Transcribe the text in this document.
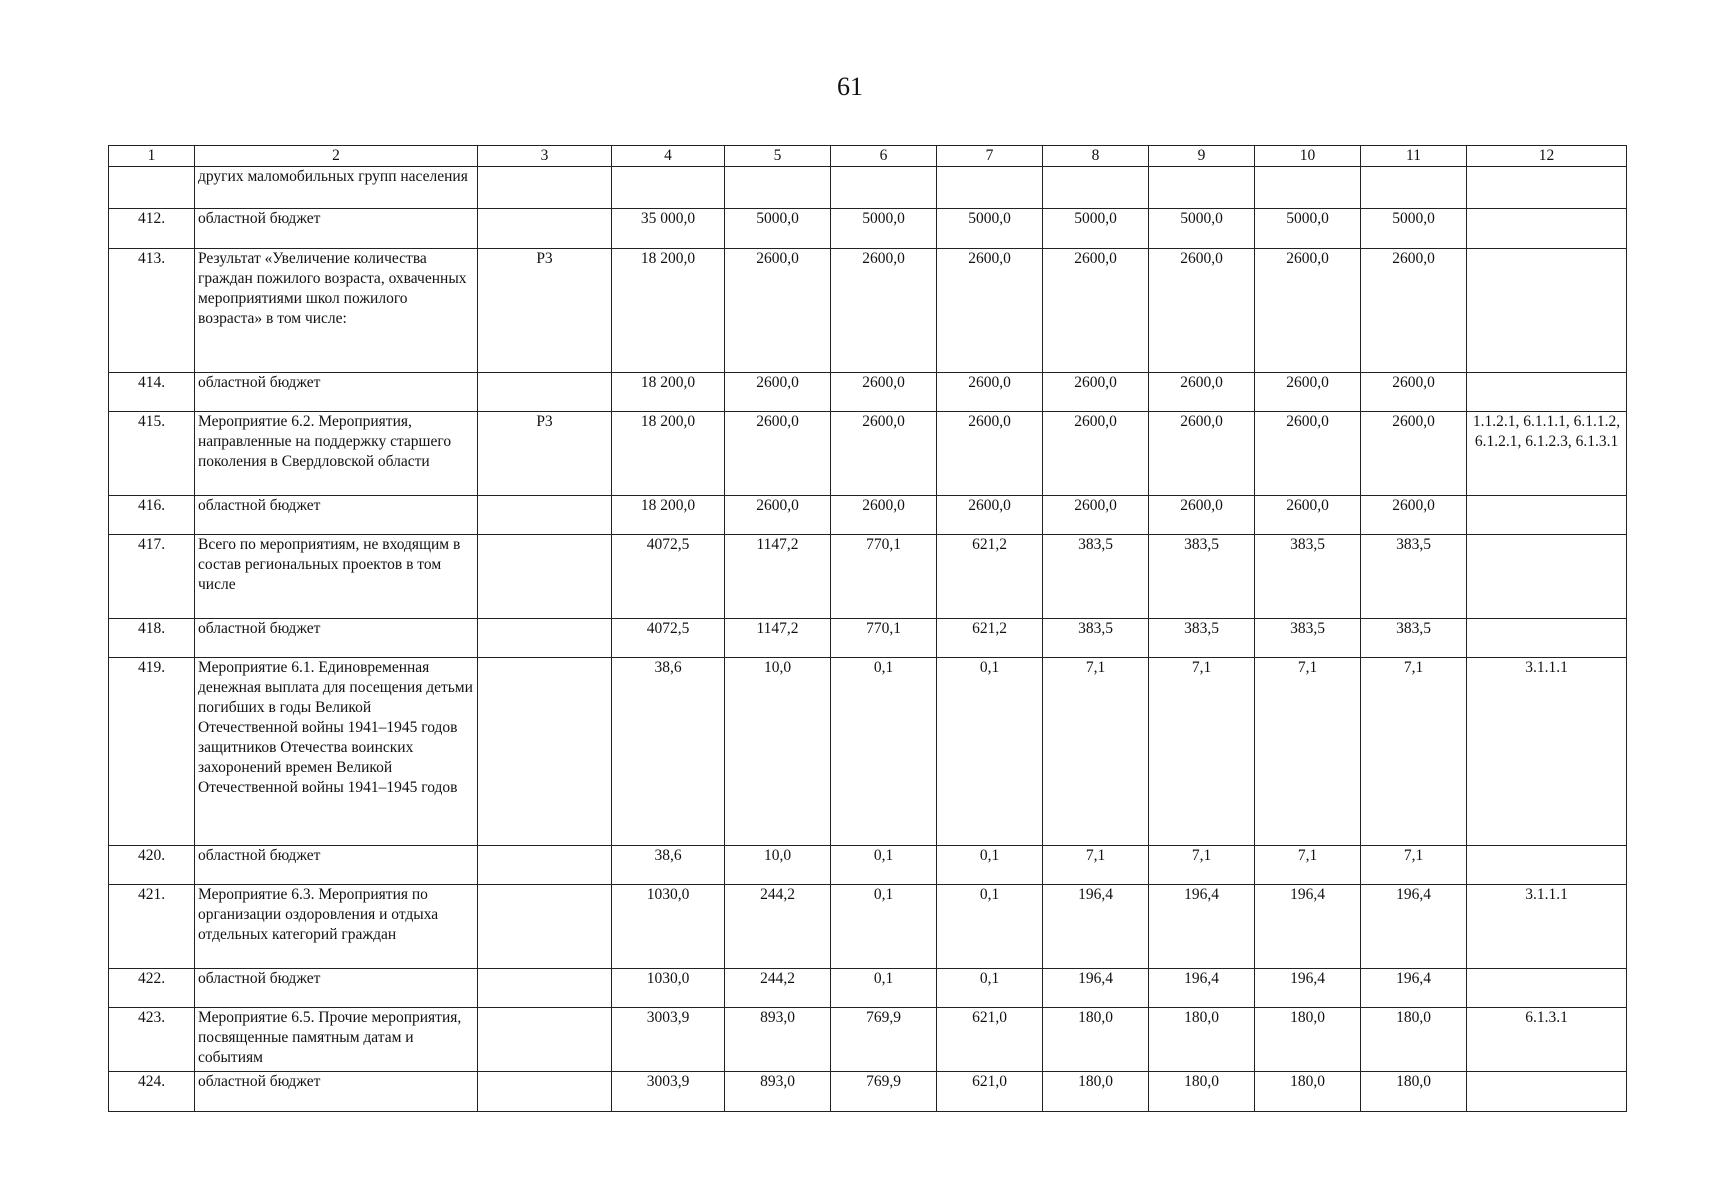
61
1	2	3	4	5	6	7	8	9	10	11	12
	других маломобильных групп населения										
412.	областной бюджет		35 000,0	5000,0	5000,0	5000,0	5000,0	5000,0	5000,0	5000,0	
413.	Результат «Увеличение количества граждан пожилого возраста, охваченных мероприятиями школ пожилого возраста» в том числе:	Р3	18 200,0	2600,0	2600,0	2600,0	2600,0	2600,0	2600,0	2600,0	
414.	областной бюджет		18 200,0	2600,0	2600,0	2600,0	2600,0	2600,0	2600,0	2600,0	
415.	Мероприятие 6.2. Мероприятия, направленные на поддержку старшего поколения в Свердловской области	Р3	18 200,0	2600,0	2600,0	2600,0	2600,0	2600,0	2600,0	2600,0	1.1.2.1, 6.1.1.1, 6.1.1.2, 6.1.2.1, 6.1.2.3, 6.1.3.1
416.	областной бюджет		18 200,0	2600,0	2600,0	2600,0	2600,0	2600,0	2600,0	2600,0	
417.	Всего по мероприятиям, не входящим в состав региональных проектов в том числе		4072,5	1147,2	770,1	621,2	383,5	383,5	383,5	383,5	
418.	областной бюджет		4072,5	1147,2	770,1	621,2	383,5	383,5	383,5	383,5	
419.	Мероприятие 6.1. Единовременная денежная выплата для посещения детьми погибших в годы Великой Отечественной войны 1941–1945 годов защитников Отечества воинских захоронений времен Великой Отечественной войны 1941–1945 годов		38,6	10,0	0,1	0,1	7,1	7,1	7,1	7,1	3.1.1.1
420.	областной бюджет		38,6	10,0	0,1	0,1	7,1	7,1	7,1	7,1	
421.	Мероприятие 6.3. Мероприятия по организации оздоровления и отдыха отдельных категорий граждан		1030,0	244,2	0,1	0,1	196,4	196,4	196,4	196,4	3.1.1.1
422.	областной бюджет		1030,0	244,2	0,1	0,1	196,4	196,4	196,4	196,4	
423.	Мероприятие 6.5. Прочие мероприятия, посвященные памятным датам и событиям		3003,9	893,0	769,9	621,0	180,0	180,0	180,0	180,0	6.1.3.1
424.	областной бюджет		3003,9	893,0	769,9	621,0	180,0	180,0	180,0	180,0	
